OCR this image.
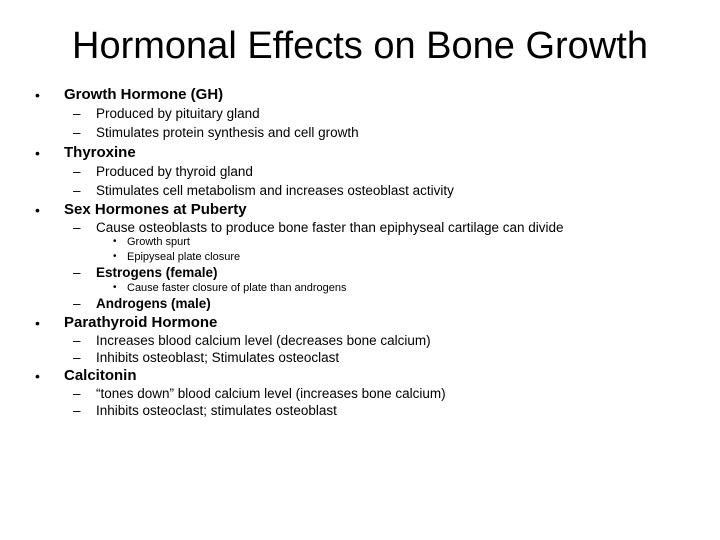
Hormonal Effects on Bone Growth
• Growth Hormone (GH)
– Produced by pituitary gland
– Stimulates protein synthesis and cell growth
• Thyroxine
– Produced by thyroid gland
– Stimulates cell metabolism and increases osteoblast activity
• Sex Hormones at Puberty
– Cause osteoblasts to produce bone faster than epiphyseal cartilage can divide
• Growth spurt
• Epipyseal plate closure
– Estrogens (female)
• Cause faster closure of plate than androgens
– Androgens (male)
• Parathyroid Hormone
– Increases blood calcium level (decreases bone calcium)
– Inhibits osteoblast; Stimulates osteoclast
• Calcitonin
– “tones down” blood calcium level (increases bone calcium)
– Inhibits osteoclast; stimulates osteoblast
